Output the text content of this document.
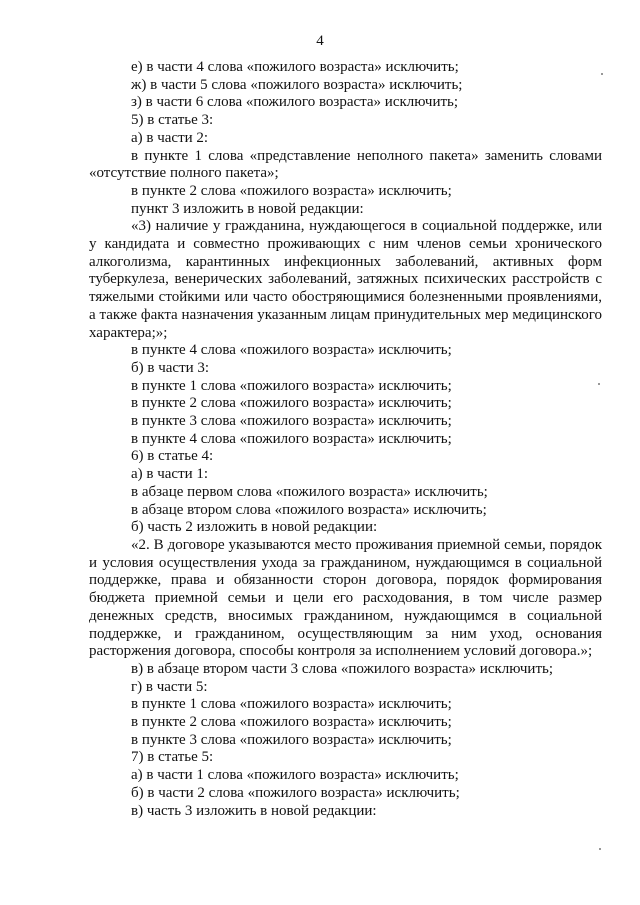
4

е) в части 4 слова «пожилого возраста» исключить;

ж) в части 5 слова «пожилого возраста» исключить;

з) в части 6 слова «пожилого возраста» исключить;

5) в статье 3:

а) в части 2:

в пункте 1 слова «представление неполного пакета» заменить словами «отсутствие полного пакета»;

в пункте 2 слова «пожилого возраста» исключить;

пункт 3 изложить в новой редакции:

«3) наличие у гражданина, нуждающегося в социальной поддержке, или у кандидата и совместно проживающих с ним членов семьи хронического алкоголизма, карантинных инфекционных заболеваний, активных форм туберкулеза, венерических заболеваний, затяжных психических расстройств с тяжелыми стойкими или часто обостряющимися болезненными проявлениями, а также факта назначения указанным лицам принудительных мер медицинского характера;»;

в пункте 4 слова «пожилого возраста» исключить;

б) в части 3:

в пункте 1 слова «пожилого возраста» исключить;

в пункте 2 слова «пожилого возраста» исключить;

в пункте 3 слова «пожилого возраста» исключить;

в пункте 4 слова «пожилого возраста» исключить;

6) в статье 4:

а) в части 1:

в абзаце первом слова «пожилого возраста» исключить;

в абзаце втором слова «пожилого возраста» исключить;

б) часть 2 изложить в новой редакции:

«2. В договоре указываются место проживания приемной семьи, порядок и условия осуществления ухода за гражданином, нуждающимся в социальной поддержке, права и обязанности сторон договора, порядок формирования бюджета приемной семьи и цели его расходования, в том числе размер денежных средств, вносимых гражданином, нуждающимся в социальной поддержке, и гражданином, осуществляющим за ним уход, основания расторжения договора, способы контроля за исполнением условий договора.»;

в) в абзаце втором части 3 слова «пожилого возраста» исключить;

г) в части 5:

в пункте 1 слова «пожилого возраста» исключить;

в пункте 2 слова «пожилого возраста» исключить;

в пункте 3 слова «пожилого возраста» исключить;

7) в статье 5:

а) в части 1 слова «пожилого возраста» исключить;

б) в части 2 слова «пожилого возраста» исключить;

в) часть 3 изложить в новой редакции:
